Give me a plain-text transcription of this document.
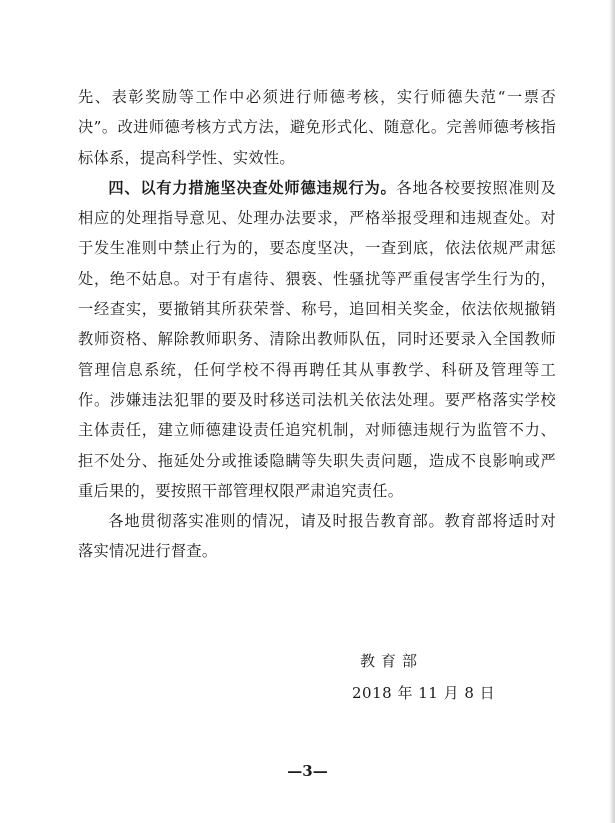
先、表彰奖励等工作中必须进行师德考核，实行师德失范“一票否决”。改进师德考核方式方法，避免形式化、随意化。完善师德考核指标体系，提高科学性、实效性。

四、以有力措施坚决查处师德违规行为。各地各校要按照准则及相应的处理指导意见、处理办法要求，严格举报受理和违规查处。对于发生准则中禁止行为的，要态度坚决，一查到底，依法依规严肃惩处，绝不姑息。对于有虐待、猥亵、性骚扰等严重侵害学生行为的，一经查实，要撤销其所获荣誉、称号，追回相关奖金，依法依规撤销教师资格、解除教师职务、清除出教师队伍，同时还要录入全国教师管理信息系统，任何学校不得再聘任其从事教学、科研及管理等工作。涉嫌违法犯罪的要及时移送司法机关依法处理。要严格落实学校主体责任，建立师德建设责任追究机制，对师德违规行为监管不力、拒不处分、拖延处分或推诿隐瞒等失职失责问题，造成不良影响或严重后果的，要按照干部管理权限严肃追究责任。

各地贯彻落实准则的情况，请及时报告教育部。教育部将适时对落实情况进行督查。

教育部
2018 年 11 月 8 日
—3—
